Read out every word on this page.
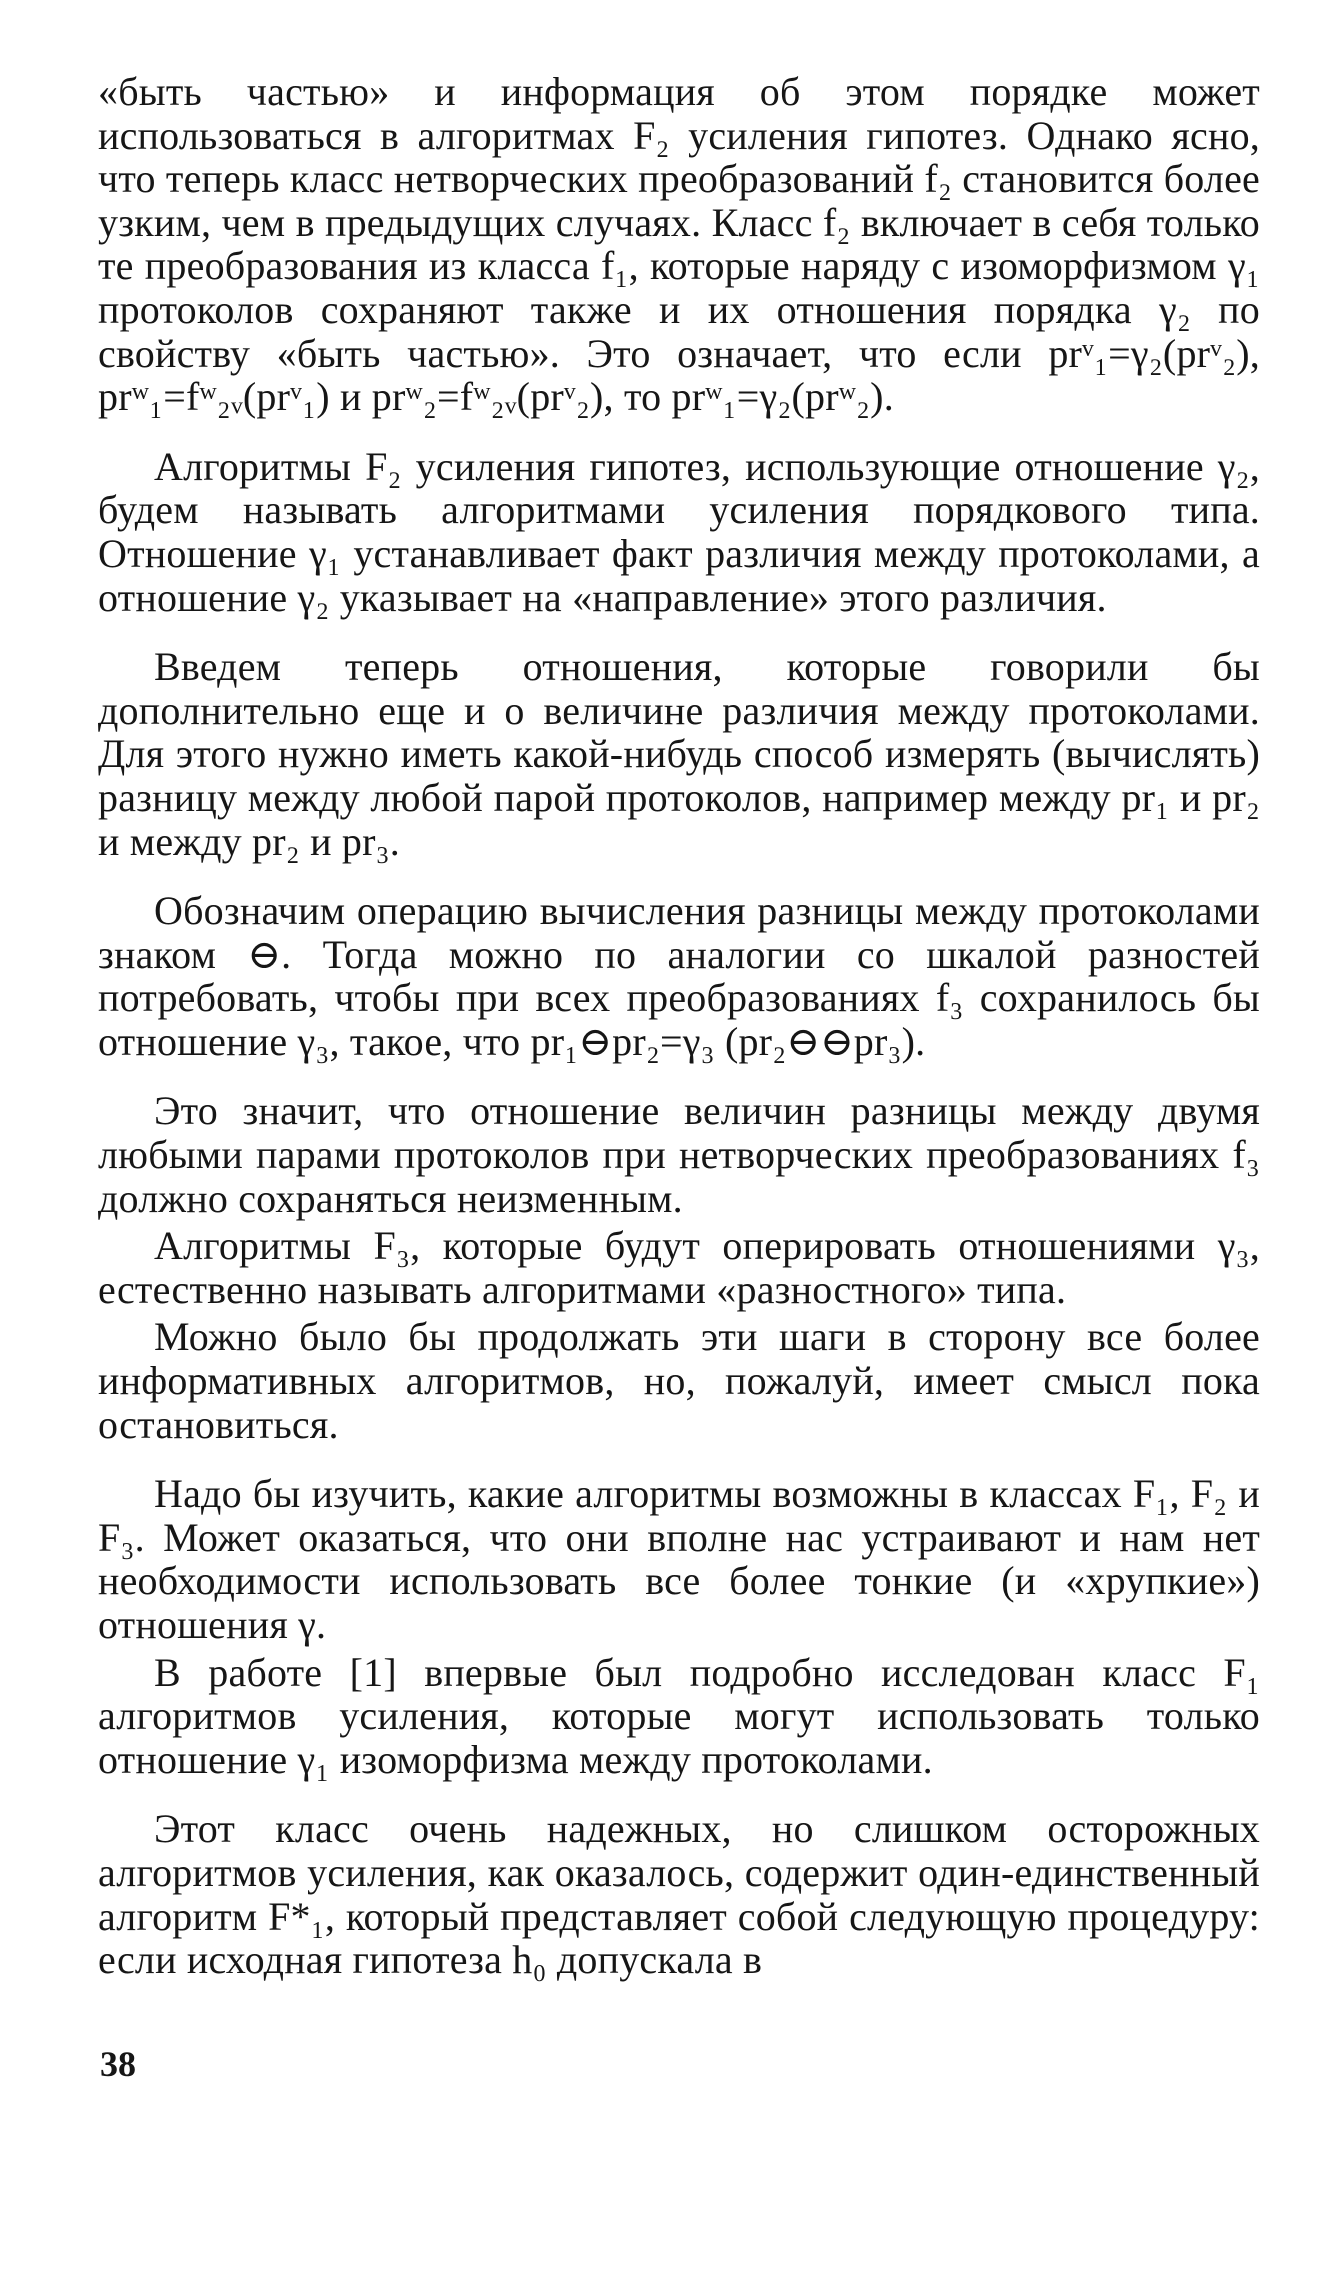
«быть частью» и информация об этом порядке может использоваться в алгоритмах F₂ усиления гипотез. Однако ясно, что теперь класс нетворческих преобразований f₂ становится более узким, чем в предыдущих случаях. Класс f₂ включает в себя только те преобразования из класса f₁, которые наряду с изоморфизмом γ₁ протоколов сохраняют также и их отношения порядка γ₂ по свойству «быть частью». Это означает, что если prᵛ₁=γ₂(prᵛ₂), prʷ₁=fʷ₂ᵥ(prᵛ₁) и prʷ₂=fʷ₂ᵥ(prᵛ₂), то prʷ₁=γ₂(prʷ₂).

Алгоритмы F₂ усиления гипотез, использующие отношение γ₂, будем называть алгоритмами усиления порядкового типа. Отношение γ₁ устанавливает факт различия между протоколами, а отношение γ₂ указывает на «направление» этого различия.

Введем теперь отношения, которые говорили бы дополнительно еще и о величине различия между протоколами. Для этого нужно иметь какой-нибудь способ измерять (вычислять) разницу между любой парой протоколов, например между pr₁ и pr₂ и между pr₂ и pr₃.

Обозначим операцию вычисления разницы между протоколами знаком ⊖. Тогда можно по аналогии со шкалой разностей потребовать, чтобы при всех преобразованиях f₃ сохранилось бы отношение γ₃, такое, что pr₁⊖pr₂=γ₃ (pr₂⊖⊖pr₃).

Это значит, что отношение величин разницы между двумя любыми парами протоколов при нетворческих преобразованиях f₃ должно сохраняться неизменным.

Алгоритмы F₃, которые будут оперировать отношениями γ₃, естественно называть алгоритмами «разностного» типа.

Можно было бы продолжать эти шаги в сторону все более информативных алгоритмов, но, пожалуй, имеет смысл пока остановиться.

Надо бы изучить, какие алгоритмы возможны в классах F₁, F₂ и F₃. Может оказаться, что они вполне нас устраивают и нам нет необходимости использовать все более тонкие (и «хрупкие») отношения γ.

В работе [1] впервые был подробно исследован класс F₁ алгоритмов усиления, которые могут использовать только отношение γ₁ изоморфизма между протоколами.

Этот класс очень надежных, но слишком осторожных алгоритмов усиления, как оказалось, содержит один-единственный алгоритм F*₁, который представляет собой следующую процедуру: если исходная гипотеза h₀ допускала в

38
